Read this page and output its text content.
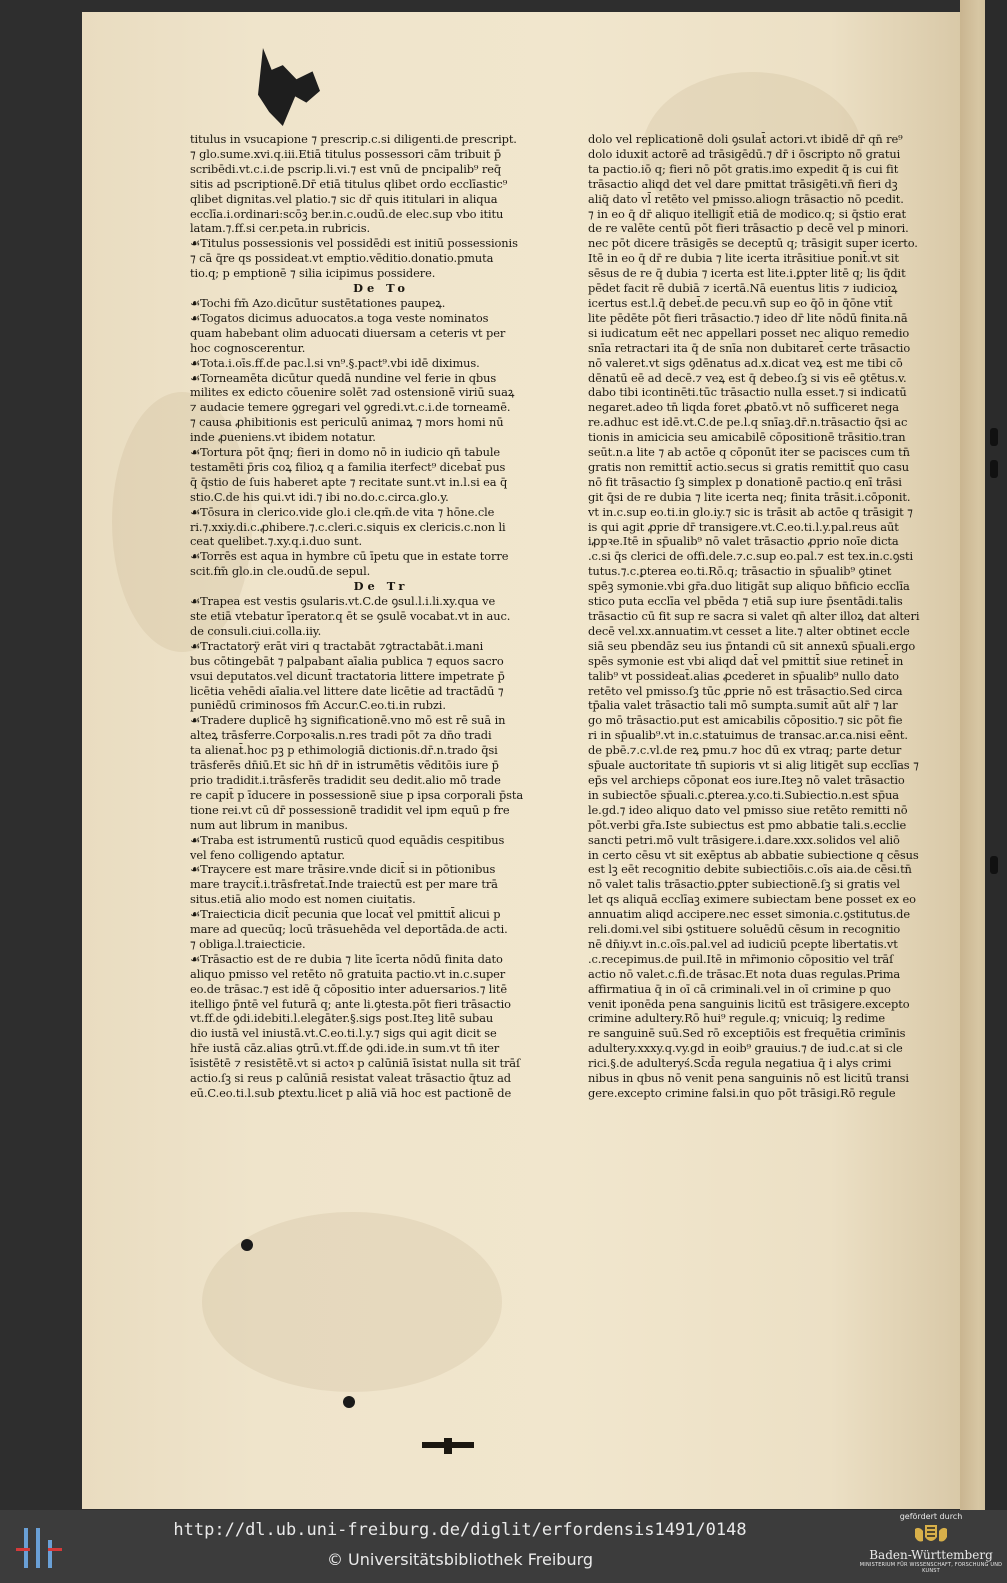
titulus in vsucapione ⁊ prescrip.c.si diligenti.de prescript.

⁊ glo.sume.xvi.q.iii.Etiā titulus possessori cām tribuit p̄

scribēdi.vt.c.i.de pscrip.li.vi.⁊ est vnū de pncipalib⁹ req̄

sitis ad pscriptionē.Dr̄ etiā titulus qlibet ordo ecclīastic⁹

qlibet dignitas.vel platio.⁊ sic dr̄ quis ititulari in aliqua

ecclīa.i.ordinari:scōꝫ ber.in.c.oudū.de elec.sup vbo ititu

latam.⁊.ff.si cer.peta.in rubricis.

☙Titulus possessionis vel possidēdi est initiū possessionis

⁊ cā q̄re qs possideat.vt emptio.vēditio.donatio.pmuta

tio.q; p emptionē ⁊ silia icipimus possidere.

De To

☙Tochi fm̄ Azo.dicūtur sustētationes paupeꝝ.

☙Togatos dicimus aduocatos.a toga veste nominatos

quam habebant olim aduocati diuersam a ceteris vt per

hoc cognoscerentur.

☙Tota.i.oīs.ff.de pac.l.si vn⁹.§.pact⁹.vbi idē diximus.

☙Torneamēta dicūtur quedā nundine vel ferie in qbus

milites ex edicto cōuenire solēt ⁊ad ostensionē viriū suaꝝ

⁊ audacie temere ꝯgregari vel ꝯgredi.vt.c.i.de torneamē.

⁊ causa ꝓhibitionis est periculū animaꝝ ⁊ mors homi nū

inde ꝓueniens.vt ibidem notatur.

☙Tortura pōt q̄nq; fieri in domo nō in iudicio qn̄ tabule

testamēti p̄ris coꝝ filioꝝ q a familia iterfect⁹ dicebat̄ pus

q̄ q̄stio de ſuis haberet apte ⁊ recitate sunt.vt in.l.si ea q̄

stio.C.de his qui.vt idi.⁊ ibi no.do.c.circa.glo.y.

☙Tōsura in clerico.vide glo.i cle.qm̄.de vita ⁊ hōne.cle

ri.⁊.xxiy.di.c.ꝓhibere.⁊.c.cleri.c.siquis ex clericis.c.non li

ceat quelibet.⁊.xy.q.i.duo sunt.

☙Torrēs est aqua in hymbre cū īpetu que in estate torre

scit.fm̄ glo.in cle.oudū.de sepul.

De Tr

☙Trapea est vestis ꝯsularis.vt.C.de ꝯsul.l.i.li.xy.qua ve

ste etiā vtebatur īperator.q ēt se ꝯsulē vocabat.vt in auc.

de consuli.ciui.colla.iiy.

☙Tractatorÿ erāt viri q tractabāt ⁊ꝯtractabāt.i.mani

bus cōtingebāt ⁊ palpabant aīalia publica ⁊ equos sacro

vsui deputatos.vel dicunt̄ tractatoria littere impetrate p̄

licētia vehēdi aīalia.vel littere date licētie ad tractādū ⁊

puniēdū criminosos fm̄ Accur.C.eo.ti.in rubzi.

☙Tradere duplicē hꝫ significationē.vno mō est rē suā in

alteꝝ trāsferre.Corpoꝛalis.n.res tradi pōt ⁊a dn̄o tradi

ta alienat̄.hoc pꝫ p ethimologiā dictionis.dr̄.n.trado q̄si

trāsferēs dn̄iū.Et sic hn̄ dr̄ in istrumētis vēditōis iure p̄

prio tradidit.i.trāsferēs tradidit seu dedit.alio mō trade

re capit̄ p īducere in possessionē siue p ipsa corporali p̄sta

tione rei.vt cū dr̄ possessionē tradidit vel ipm equū p fre

num aut librum in manibus.

☙Traba est istrumentū rusticū quod equādis cespitibus

vel feno colligendo aptatur.

☙Traycere est mare trāsire.vnde dicit̄ si in pōtionibus

mare traycit̄.i.trāsfretat̄.Inde traiectū est per mare trā

situs.etiā alio modo est nomen ciuitatis.

☙Traiecticia dicit̄ pecunia que locat̄ vel pmittit̄ alicui p

mare ad quecūq; locū trāsuehēda vel deportāda.de acti.

⁊ obliga.l.traiecticie.

☙Trāsactio est de re dubia ⁊ lite īcerta nōdū finita dato

aliquo pmisso vel retēto nō gratuita pactio.vt in.c.super

eo.de trāsac.⁊ est idē q̄ cōpositio inter aduersarios.⁊ litē

itelligo p̄ntē vel futurā q; ante li.ꝯtesta.pōt fieri trāsactio

vt.ff.de ꝯdi.idebiti.l.elegāter.§.sigs post.Iteꝫ litē subau

dio iustā vel iniustā.vt.C.eo.ti.l.y.⁊ sigs qui agit dicit se

hr̄e iustā cāz.alias ꝯtrū.vt.ff.de ꝯdi.ide.in sum.vt tn̄ iter

īsistētē ⁊ resistētē.vt si actoꝛ p calūniā īsistat nulla sit trāſ

actio.ſꝫ si reus p calūniā resistat valeat trāsactio q̄tuz ad

eū.C.eo.ti.l.sub ꝑtextu.licet p aliā viā hoc est pactionē de

dolo vel replicationē doli ꝯsulat̄ actori.vt ibidē dr̄ qn̄ re⁹

dolo iduxit actorē ad trāsigēdū.⁊ dr̄ i ōscripto nō gratui

ta pactio.iō q; fieri nō pōt gratis.imo expedit q̄ is cui fit

trāsactio aliqd det vel dare pmittat trāsigēti.vn̄ fieri dꝫ

aliq̄ dato vl̄ retēto vel pmisso.aliogn trāsactio nō pcedit.

⁊ in eo q̄ dr̄ aliquo itelligit̄ etiā de modico.q; si q̄stio erat

de re valēte centū pōt fieri trāsactio p decē vel p minori.

nec pōt dicere trāsigēs se deceptū q; trāsigit super icerto.

Itē in eo q̄ dr̄ re dubia ⁊ lite icerta itrāsitiue ponit̄.vt sit

sēsus de re q̄ dubia ⁊ icerta est lite.i.ꝑpter litē q; lis q̄dit

pēdet facit rē dubiā ⁊ icertā.Nā euentus litis ⁊ iudicioꝝ

icertus est.l.q̄ debet̄.de pecu.vn̄ sup eo q̄ō in q̄ōne vtit̄

lite pēdēte pōt fieri trāsactio.⁊ ideo dr̄ lite nōdū finita.nā

si iudicatum eēt nec appellari posset nec aliquo remedio

snīa retractari ita q̄ de snīa non dubitaret̄ certe trāsactio

nō valeret.vt sigs ꝯdēnatus ad.x.dicat veꝝ est me tibi cō

dēnatū eē ad decē.⁊ veꝝ est q̄ debeo.ſꝫ si vis eē ꝯtētus.v.

dabo tibi icontinēti.tūc trāsactio nulla esset.⁊ si indicatū

negaret.adeo tn̄ liqda foret ꝓbatō.vt nō sufficeret nega

re.adhuc est idē.vt.C.de pe.l.q snīaꝫ.dr̄.n.trāsactio q̄si ac

tionis in amicicia seu amicabilē cōpositionē trāsitio.tran

seūt.n.a lite ⁊ ab actōe q cōponūt iter se pacisces cum tn̄

gratis non remittit̄ actio.secus si gratis remittit̄ quo casu

nō fit trāsactio ſꝫ simplex p donationē pactio.q enī trāsi

git q̄si de re dubia ⁊ lite icerta neq; finita trāsit.i.cōponit.

vt in.c.sup eo.ti.in glo.iy.⁊ sic is trāsit ab actōe q trāsigit ⁊

is qui agit ꝓprie dr̄ transigere.vt.C.eo.ti.l.y.pal.reus aūt

iꝓpꝛe.Itē in sp̄ualib⁹ nō valet trāsactio ꝓprio noīe dicta

.c.si q̄s clerici de offi.dele.⁊.c.sup eo.pal.⁊ est tex.in.c.ꝯsti

tutus.⁊.c.ꝑterea eo.ti.Rō.q; trāsactio in sp̄ualib⁹ ꝯtinet

spēꝫ symonie.vbi gr̄a.duo litigāt sup aliquo bn̄ficio ecclīa

stico puta ecclīa vel pbēda ⁊ etiā sup iure p̄sentādi.talis

trāsactio cū fit sup re sacra si valet qn̄ alter illoꝝ dat alteri

decē vel.xx.annuatim.vt cesset a lite.⁊ alter obtinet eccle

siā seu pbendāz seu ius p̄ntandi cū sit annexū sp̄uali.ergo

spēs symonie est vbi aliqd dat̄ vel pmittit̄ siue retinet̄ in

talib⁹ vt possideat̄.alias ꝓcederet in sp̄ualib⁹ nullo dato

retēto vel pmisso.ſꝫ tūc ꝓprie nō est trāsactio.Sed circa

tp̄alia valet trāsactio tali mō sumpta.sumit̄ aūt alr̄ ⁊ lar

go mō trāsactio.put est amicabilis cōpositio.⁊ sic pōt fie

ri in sp̄ualib⁹.vt in.c.statuimus de transac.ar.ca.nisi eēnt.

de pbē.⁊.c.vl.de reꝝ pmu.⁊ hoc dū ex vtraq; parte detur

sp̄uale auctoritate tn̄ supioris vt si alig litigēt sup ecclīas ⁊

ep̄s vel archieps cōponat eos iure.Iteꝫ nō valet trāsactio

in subiectōe sp̄uali.c.ꝑterea.y.co.ti.Subiectio.n.est sp̄ua

le.gd.⁊ ideo aliquo dato vel pmisso siue retēto remitti nō

pōt.verbi gr̄a.Iste subiectus est pmo abbatie tali.s.ecclie

sancti petri.mō vult trāsigere.i.dare.xxx.solidos vel aliō

in certo cēsu vt sit exēptus ab abbatie subiectione q cēsus

est lꝫ eēt recognitio debite subiectiōis.c.oīs aia.de cēsi.tn̄

nō valet talis trāsactio.ꝑpter subiectionē.ſꝫ si gratis vel

let qs aliquā ecclīaꝫ eximere subiectam bene posset ex eo

annuatim aliqd accipere.nec esset simonia.c.ꝯstitutus.de

reli.domi.vel sibi ꝯstituere soluēdū cēsum in recognitio

nē dn̄iy.vt in.c.oīs.pal.vel ad iudiciū pcepte libertatis.vt

.c.recepimus.de puil.Itē in mr̄imonio cōpositio vel trāſ

actio nō valet.c.fi.de trāsac.Et nota duas regulas.Prima

affirmatiua q̄ in oī cā criminali.vel in oī crimine p quo

venit iponēda pena sanguinis licitū est trāsigere.excepto

crimine adultery.Rō hui⁹ regule.q; vnicuiq; lꝫ redime

re sanguinē suū.Sed rō exceptiōis est frequētia crimīnis

adultery.xxxy.q.vy.gd in eoib⁹ grauius.⁊ de iud.c.at si cle

rici.§.de adulteryś.Scd̄a regula negatiua q̄ i alys crimi

nibus in qbus nō venit pena sanguinis nō est licitū transi

gere.excepto crimine falsi.in quo pōt trāsigi.Rō regule

http://dl.ub.uni-freiburg.de/diglit/erfordensis1491/0148
© Universitätsbibliothek Freiburg
gefördert durch
Baden-Württemberg
MINISTERIUM FÜR WISSENSCHAFT, FORSCHUNG UND KUNST
